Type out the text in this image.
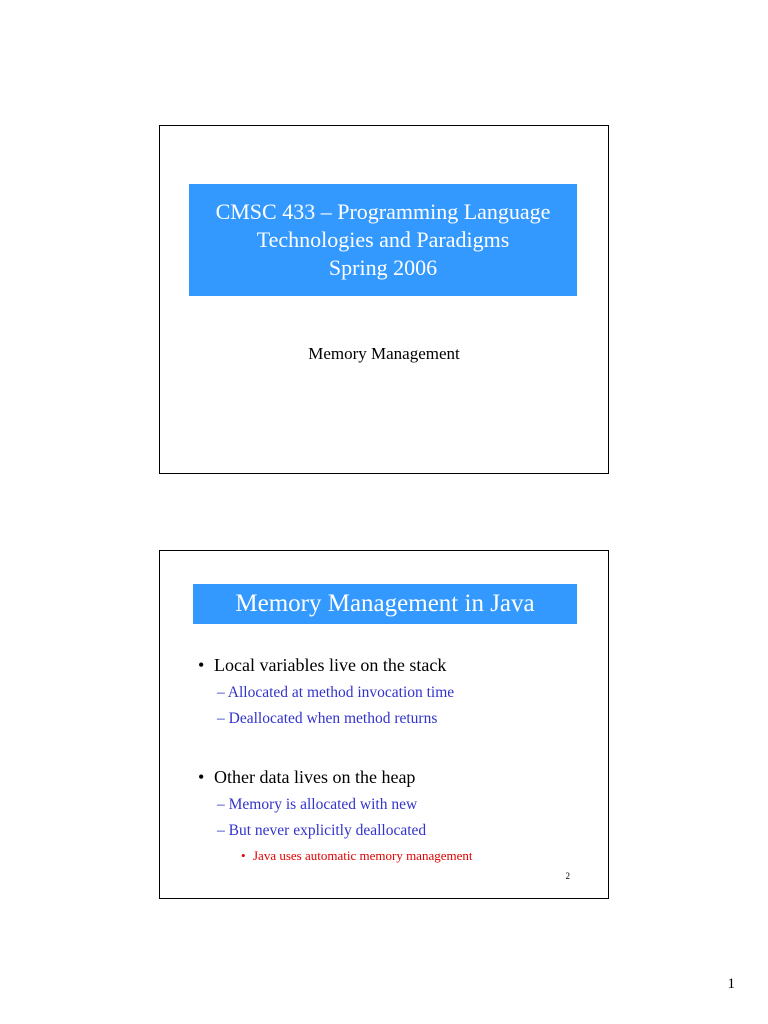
CMSC 433 – Programming Language
Technologies and Paradigms
Spring 2006
Memory Management
Memory Management in Java
• Local variables live on the stack
– Allocated at method invocation time
– Deallocated when method returns
• Other data lives on the heap
– Memory is allocated with new
– But never explicitly deallocated
• Java uses automatic memory management
2
1
